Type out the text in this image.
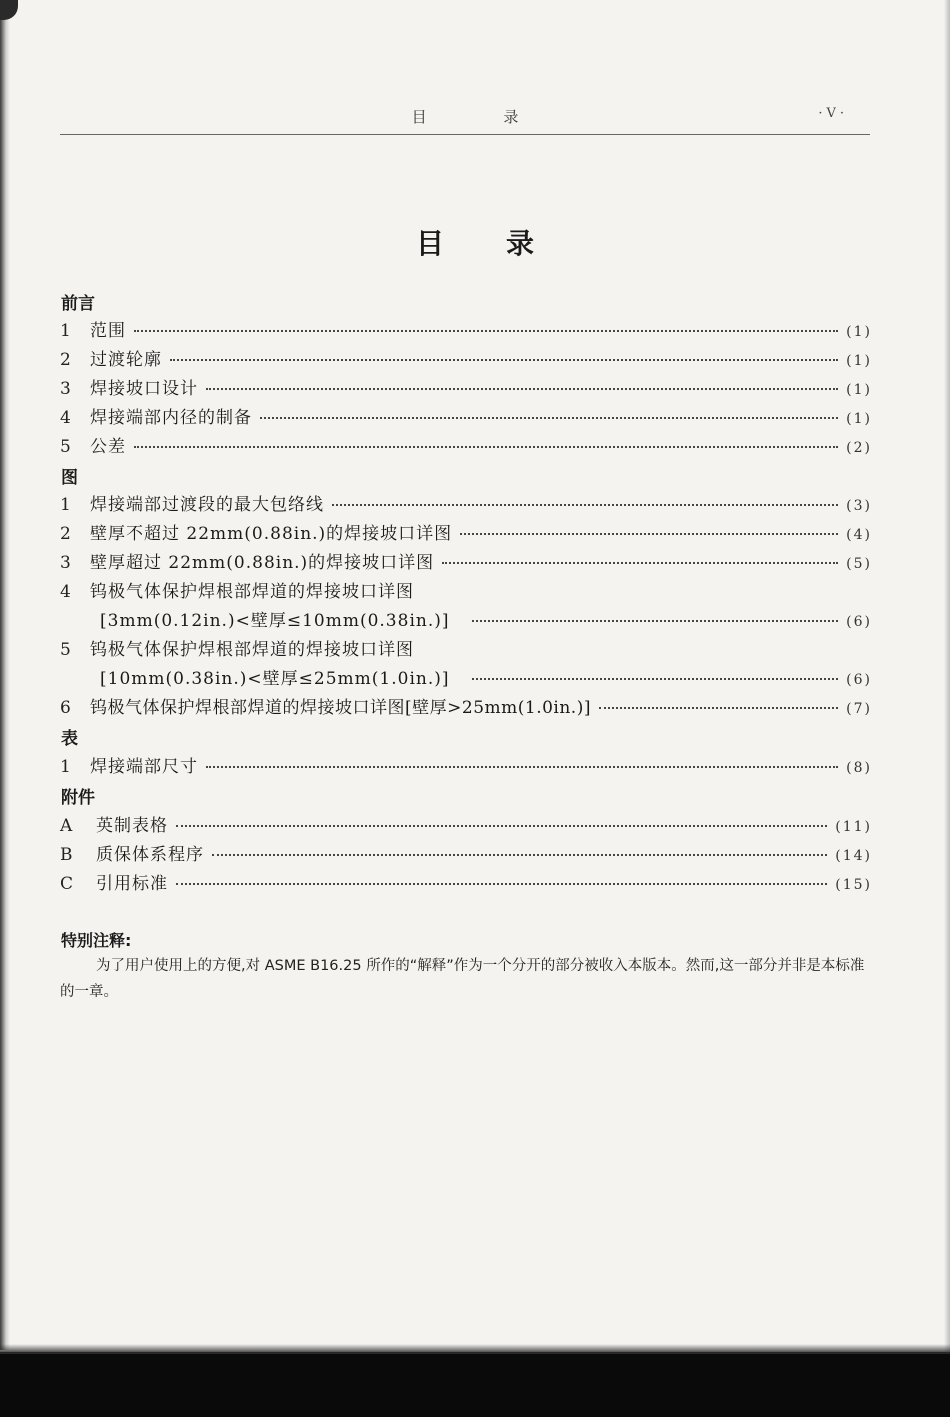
目 录	·V·
目录
前言
1	范围	(1)
2	过渡轮廓	(1)
3	焊接坡口设计	(1)
4	焊接端部内径的制备	(1)
5	公差	(2)
图
1	焊接端部过渡段的最大包络线	(3)
2	壁厚不超过 22mm(0.88in.)的焊接坡口详图	(4)
3	壁厚超过 22mm(0.88in.)的焊接坡口详图	(5)
4 钨极气体保护焊根部焊道的焊接坡口详图
[3mm(0.12in.)<壁厚≤10mm(0.38in.)]	(6)
5 钨极气体保护焊根部焊道的焊接坡口详图
[10mm(0.38in.)<壁厚≤25mm(1.0in.)]	(6)
6	钨极气体保护焊根部焊道的焊接坡口详图[壁厚>25mm(1.0in.)]	(7)
表
1	焊接端部尺寸	(8)
附件
A	英制表格	(11)
B	质保体系程序	(14)
C	引用标准	(15)
特别注释:
为了用户使用上的方便,对 ASME B16.25 所作的“解释”作为一个分开的部分被收入本版本。然而,这一部分并非是本标准的一章。
